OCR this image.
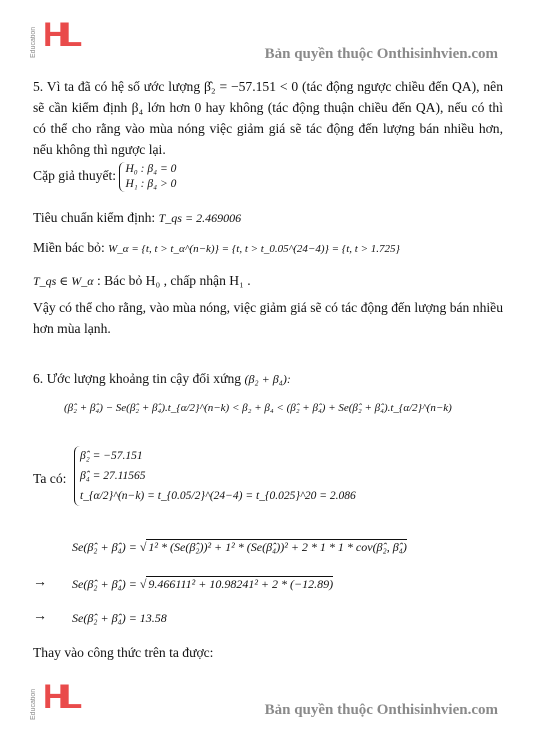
Education HL	Bản quyền thuộc Onthisinhvien.com
5. Vì ta đã có hệ số ước lượng β̂₂ = −57.151 < 0 (tác động ngược chiều đến QA), nên sẽ cần kiểm định β₄ lớn hơn 0 hay không (tác động thuận chiều đến QA), nếu có thì có thể cho rằng vào mùa nóng việc giảm giá sẽ tác động đến lượng bán nhiều hơn, nếu không thì ngược lại.
Cặp giả thuyết: H₀ : β₄ = 0
H₁ : β₄ > 0
Tiêu chuẩn kiểm định: T_qs = 2.469006
Miền bác bỏ: W_α = {t, t > t_α^(n−k)} = {t, t > t_0.05^(24−4)} = {t, t > 1.725}
T_qs ∈ W_α : Bác bỏ H₀ , chấp nhận H₁ .
Vậy có thể cho rằng, vào mùa nóng, việc giảm giá sẽ có tác động đến lượng bán nhiều hơn mùa lạnh.
6. Ước lượng khoảng tin cậy đối xứng (β₂ + β₄):
(β̂₂ + β̂₄) − Se(β̂₂ + β̂₄).t_{α/2}^(n−k) < β₂ + β₄ < (β̂₂ + β̂₄) + Se(β̂₂ + β̂₄).t_{α/2}^(n−k)
Ta có:
β̂₂ = −57.151
β̂₄ = 27.11565
t_{α/2}^(n−k) = t_{0.05/2}^(24−4) = t_{0.025}^20 = 2.086
Se(β̂₂ + β̂₄) = √ 1² * (Se(β̂₂))² + 1² * (Se(β̂₄))² + 2 * 1 * 1 * cov(β̂₂, β̂₄)
→ Se(β̂₂ + β̂₄) = √ 9.466111² + 10.98241² + 2 * (−12.89)
→ Se(β̂₂ + β̂₄) = 13.58
Thay vào công thức trên ta được:
Education HL	Bản quyền thuộc Onthisinhvien.com
